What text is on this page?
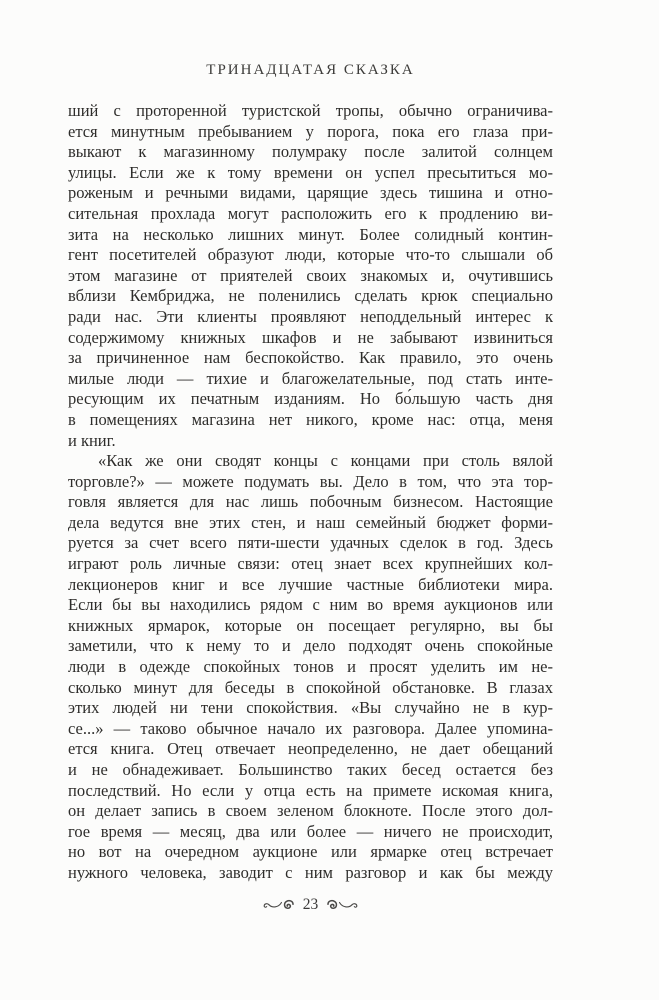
ТРИНАДЦАТАЯ СКАЗКА
ший с проторенной туристской тропы, обычно ограничива-
ется минутным пребыванием у порога, пока его глаза при-
выкают к магазинному полумраку после залитой солнцем
улицы. Если же к тому времени он успел пресытиться мо-
роженым и речными видами, царящие здесь тишина и отно-
сительная прохлада могут расположить его к продлению ви-
зита на несколько лишних минут. Более солидный контин-
гент посетителей образуют люди, которые что-то слышали об
этом магазине от приятелей своих знакомых и, очутившись
вблизи Кембриджа, не поленились сделать крюк специально
ради нас. Эти клиенты проявляют неподдельный интерес к
содержимому книжных шкафов и не забывают извиниться
за причиненное нам беспокойство. Как правило, это очень
милые люди — тихие и благожелательные, под стать инте-
ресующим их печатным изданиям. Но бо́льшую часть дня
в помещениях магазина нет никого, кроме нас: отца, меня
и книг.
«Как же они сводят концы с концами при столь вялой
торговле?» — можете подумать вы. Дело в том, что эта тор-
говля является для нас лишь побочным бизнесом. Настоящие
дела ведутся вне этих стен, и наш семейный бюджет форми-
руется за счет всего пяти-шести удачных сделок в год. Здесь
играют роль личные связи: отец знает всех крупнейших кол-
лекционеров книг и все лучшие частные библиотеки мира.
Если бы вы находились рядом с ним во время аукционов или
книжных ярмарок, которые он посещает регулярно, вы бы
заметили, что к нему то и дело подходят очень спокойные
люди в одежде спокойных тонов и просят уделить им не-
сколько минут для беседы в спокойной обстановке. В глазах
этих людей ни тени спокойствия. «Вы случайно не в кур-
се...» — таково обычное начало их разговора. Далее упомина-
ется книга. Отец отвечает неопределенно, не дает обещаний
и не обнадеживает. Большинство таких бесед остается без
последствий. Но если у отца есть на примете искомая книга,
он делает запись в своем зеленом блокноте. После этого дол-
гое время — месяц, два или более — ничего не происходит,
но вот на очередном аукционе или ярмарке отец встречает
нужного человека, заводит с ним разговор и как бы между
23
